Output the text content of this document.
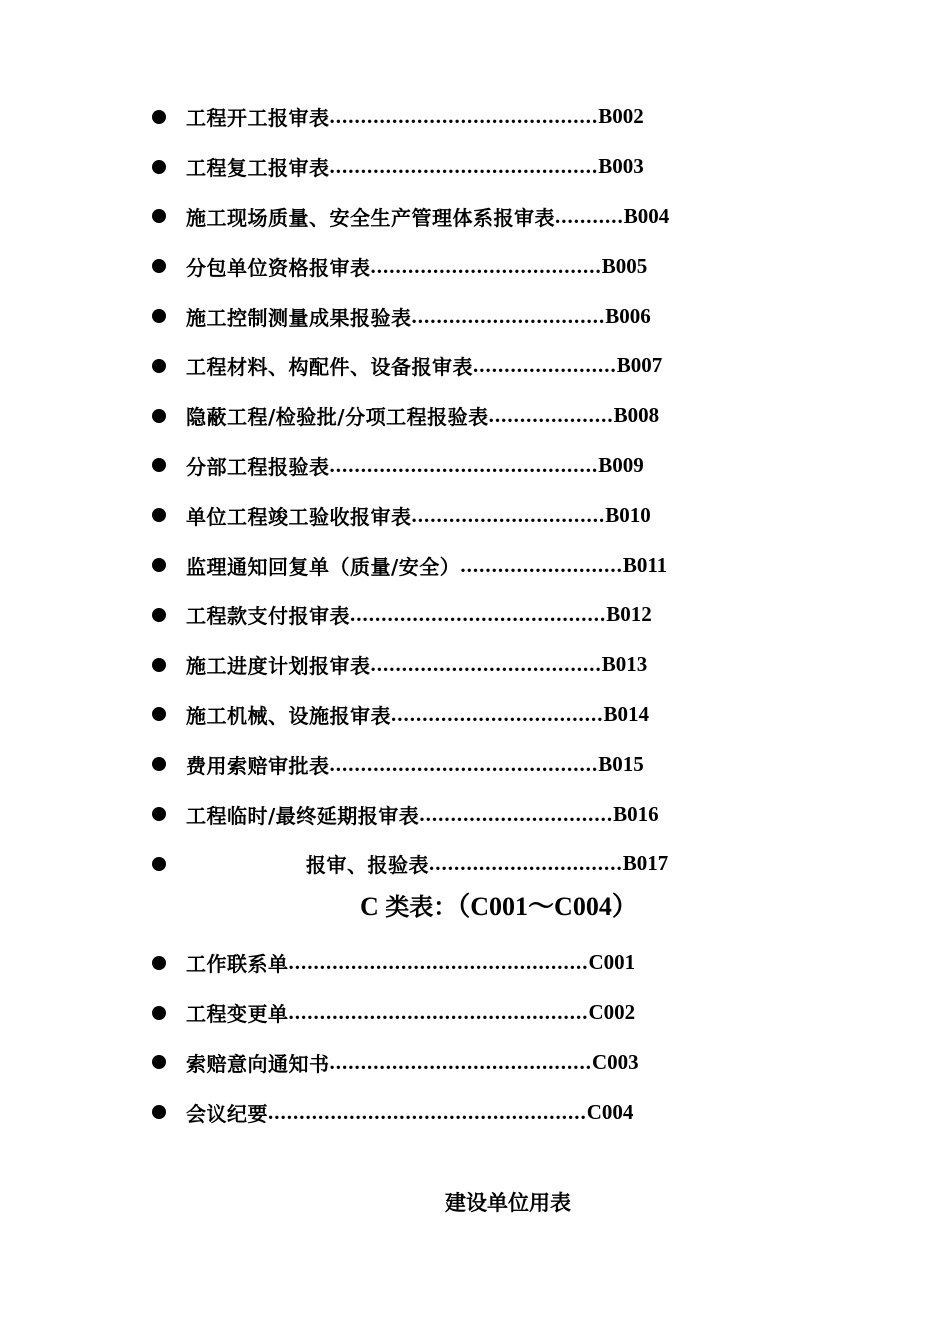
工程开工报审表 ........................................... B002
工程复工报审表 ........................................... B003
施工现场质量、安全生产管理体系报审表 ........... B004
分包单位资格报审表 ..................................... B005
施工控制测量成果报验表 ............................... B006
工程材料、构配件、设备报审表 ....................... B007
隐蔽工程/检验批/分项工程报验表 .................... B008
分部工程报验表 ........................................... B009
单位工程竣工验收报审表 ............................... B010
监理通知回复单（质量/安全） .......................... B011
工程款支付报审表 ......................................... B012
施工进度计划报审表 ..................................... B013
施工机械、设施报审表 .................................. B014
费用索赔审批表 ........................................... B015
工程临时/最终延期报审表 ............................... B016
报审、报验表 ............................... B017
C 类表：（C001～C004）
工作联系单 ................................................ C001
工程变更单 ................................................ C002
索赔意向通知书 .......................................... C003
会议纪要 ................................................... C004
建设单位用表
